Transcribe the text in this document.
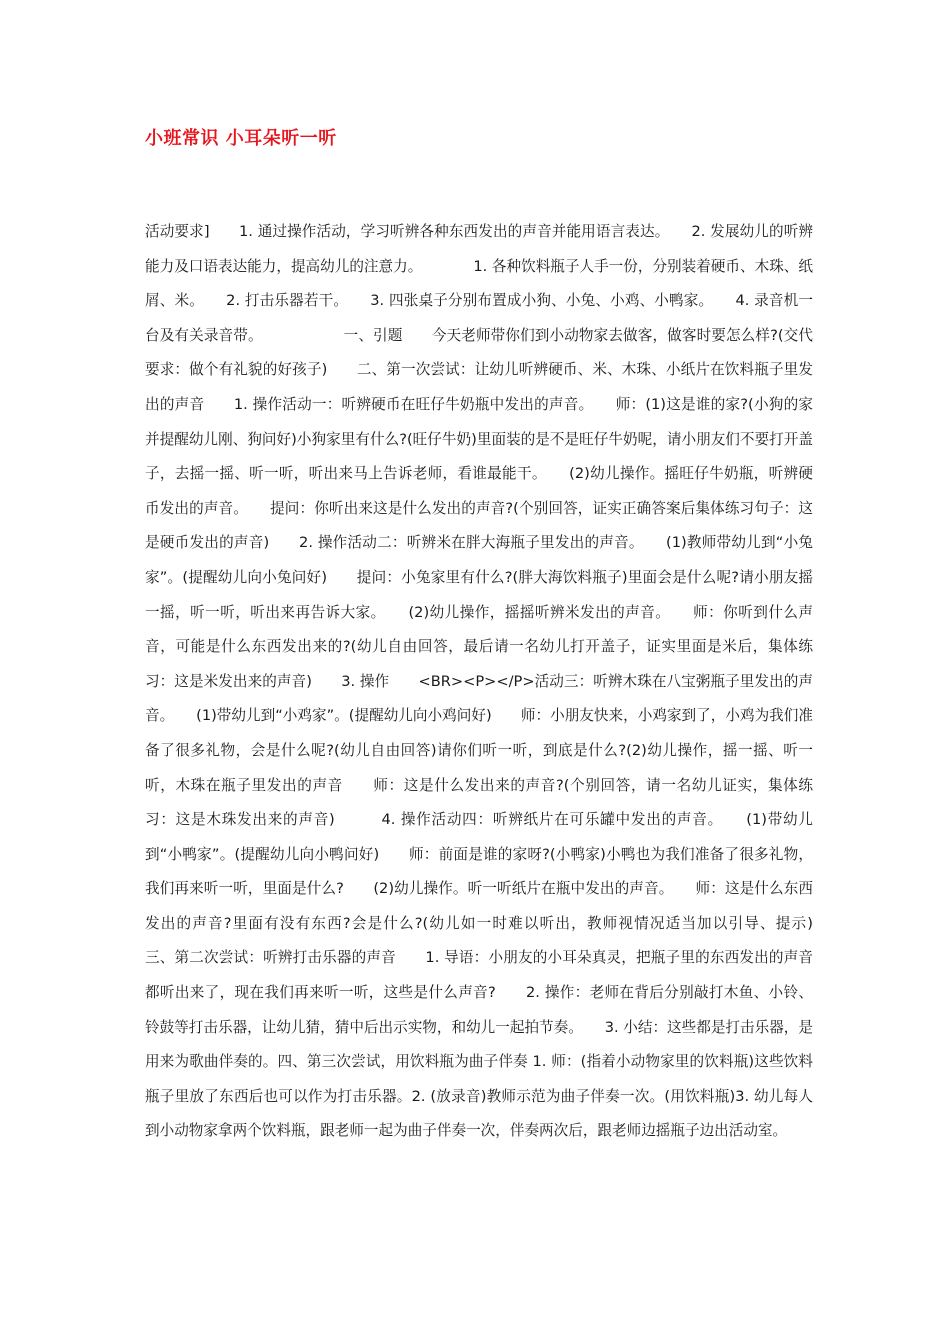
小班常识 小耳朵听一听

活动要求]　　1. 通过操作活动，学习听辨各种东西发出的声音并能用语言表达。　　2. 发展幼儿的听辨能力及口语表达能力，提高幼儿的注意力。　　　　1. 各种饮料瓶子人手一份，分别装着硬币、木珠、纸屑、米。　　2. 打击乐器若干。　　3. 四张桌子分别布置成小狗、小兔、小鸡、小鸭家。　　4. 录音机一台及有关录音带。　　　　　　一、引题　　今天老师带你们到小动物家去做客，做客时要怎么样?(交代要求：做个有礼貌的好孩子)　　二、第一次尝试：让幼儿听辨硬币、米、木珠、小纸片在饮料瓶子里发出的声音　　1. 操作活动一：听辨硬币在旺仔牛奶瓶中发出的声音。　　师：(1)这是谁的家?(小狗的家并提醒幼儿刚、狗问好)小狗家里有什么?(旺仔牛奶)里面装的是不是旺仔牛奶呢，请小朋友们不要打开盖子，去摇一摇、听一听，听出来马上告诉老师，看谁最能干。　　(2)幼儿操作。摇旺仔牛奶瓶，听辨硬币发出的声音。　　提问：你听出来这是什么发出的声音?(个别回答，证实正确答案后集体练习句子：这是硬币发出的声音)　　2. 操作活动二：听辨米在胖大海瓶子里发出的声音。　　(1)教师带幼儿到“小兔家”。(提醒幼儿向小兔问好)　　提问：小兔家里有什么?(胖大海饮料瓶子)里面会是什么呢?请小朋友摇一摇，听一听，听出来再告诉大家。　　(2)幼儿操作，摇摇听辨米发出的声音。　　师：你听到什么声音，可能是什么东西发出来的?(幼儿自由回答，最后请一名幼儿打开盖子，证实里面是米后，集体练习：这是米发出来的声音)　　3. 操作　　<BR><P></P>活动三：听辨木珠在八宝粥瓶子里发出的声音。　　(1)带幼儿到“小鸡家”。(提醒幼儿向小鸡问好)　　师：小朋友快来，小鸡家到了，小鸡为我们准备了很多礼物，会是什么呢?(幼儿自由回答)请你们听一听，到底是什么?(2)幼儿操作，摇一摇、听一听，木珠在瓶子里发出的声音　　师：这是什么发出来的声音?(个别回答，请一名幼儿证实，集体练习：这是木珠发出来的声音)　　　4. 操作活动四：听辨纸片在可乐罐中发出的声音。　　(1)带幼儿到“小鸭家”。(提醒幼儿向小鸭问好)　　师：前面是谁的家呀?(小鸭家)小鸭也为我们准备了很多礼物，我们再来听一听，里面是什么?　　(2)幼儿操作。听一听纸片在瓶中发出的声音。　　师：这是什么东西发出的声音?里面有没有东西?会是什么?(幼儿如一时难以听出，教师视情况适当加以引导、提示)　　三、第二次尝试：听辨打击乐器的声音　　1. 导语：小朋友的小耳朵真灵，把瓶子里的东西发出的声音都听出来了，现在我们再来听一听，这些是什么声音?　　2. 操作：老师在背后分别敲打木鱼、小铃、铃鼓等打击乐器，让幼儿猜，猜中后出示实物，和幼儿一起拍节奏。　　3. 小结：这些都是打击乐器，是用来为歌曲伴奏的。四、第三次尝试，用饮料瓶为曲子伴奏 1. 师：(指着小动物家里的饮料瓶)这些饮料瓶子里放了东西后也可以作为打击乐器。2. (放录音)教师示范为曲子伴奏一次。(用饮料瓶)3. 幼儿每人到小动物家拿两个饮料瓶，跟老师一起为曲子伴奏一次，伴奏两次后，跟老师边摇瓶子边出活动室。
